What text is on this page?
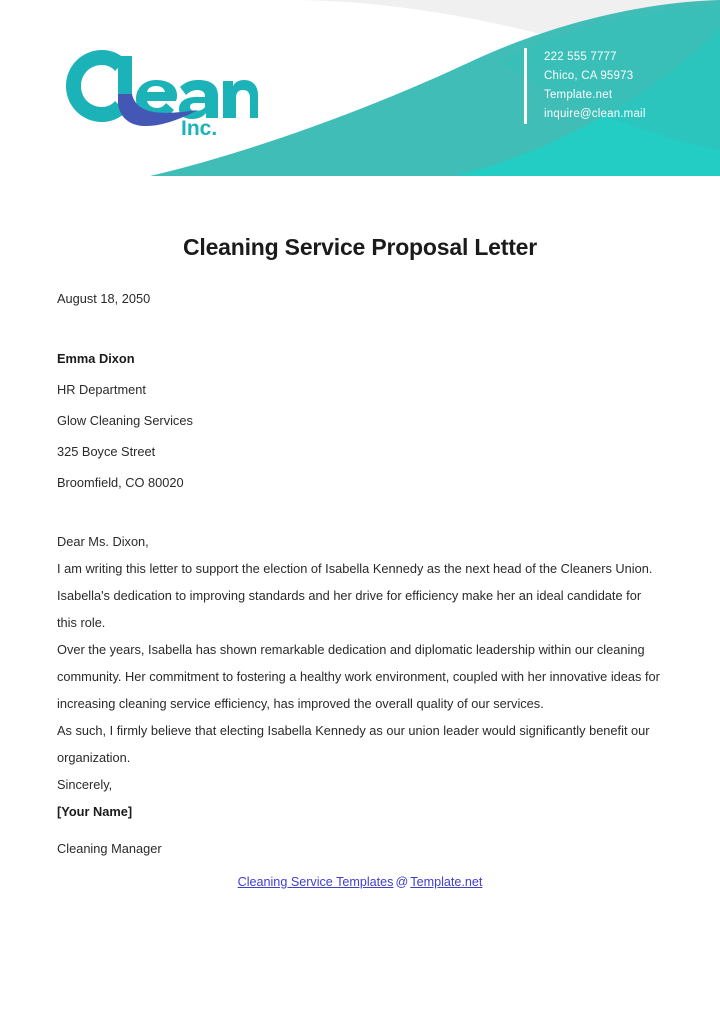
Inc.
222 555 7777
Chico, CA 95973
Template.net
inquire@clean.mail
Cleaning Service Proposal Letter
August 18, 2050
Emma Dixon
HR Department
Glow Cleaning Services
325 Boyce Street
Broomfield, CO 80020
Dear Ms. Dixon,

I am writing this letter to support the election of Isabella Kennedy as the next head of the Cleaners Union. Isabella's dedication to improving standards and her drive for efficiency make her an ideal candidate for this role.

Over the years, Isabella has shown remarkable dedication and diplomatic leadership within our cleaning community. Her commitment to fostering a healthy work environment, coupled with her innovative ideas for increasing cleaning service efficiency, has improved the overall quality of our services.

As such, I firmly believe that electing Isabella Kennedy as our union leader would significantly benefit our organization.

Sincerely,
[Your Name]
Cleaning Manager
Cleaning Service Templates @ Template.net
